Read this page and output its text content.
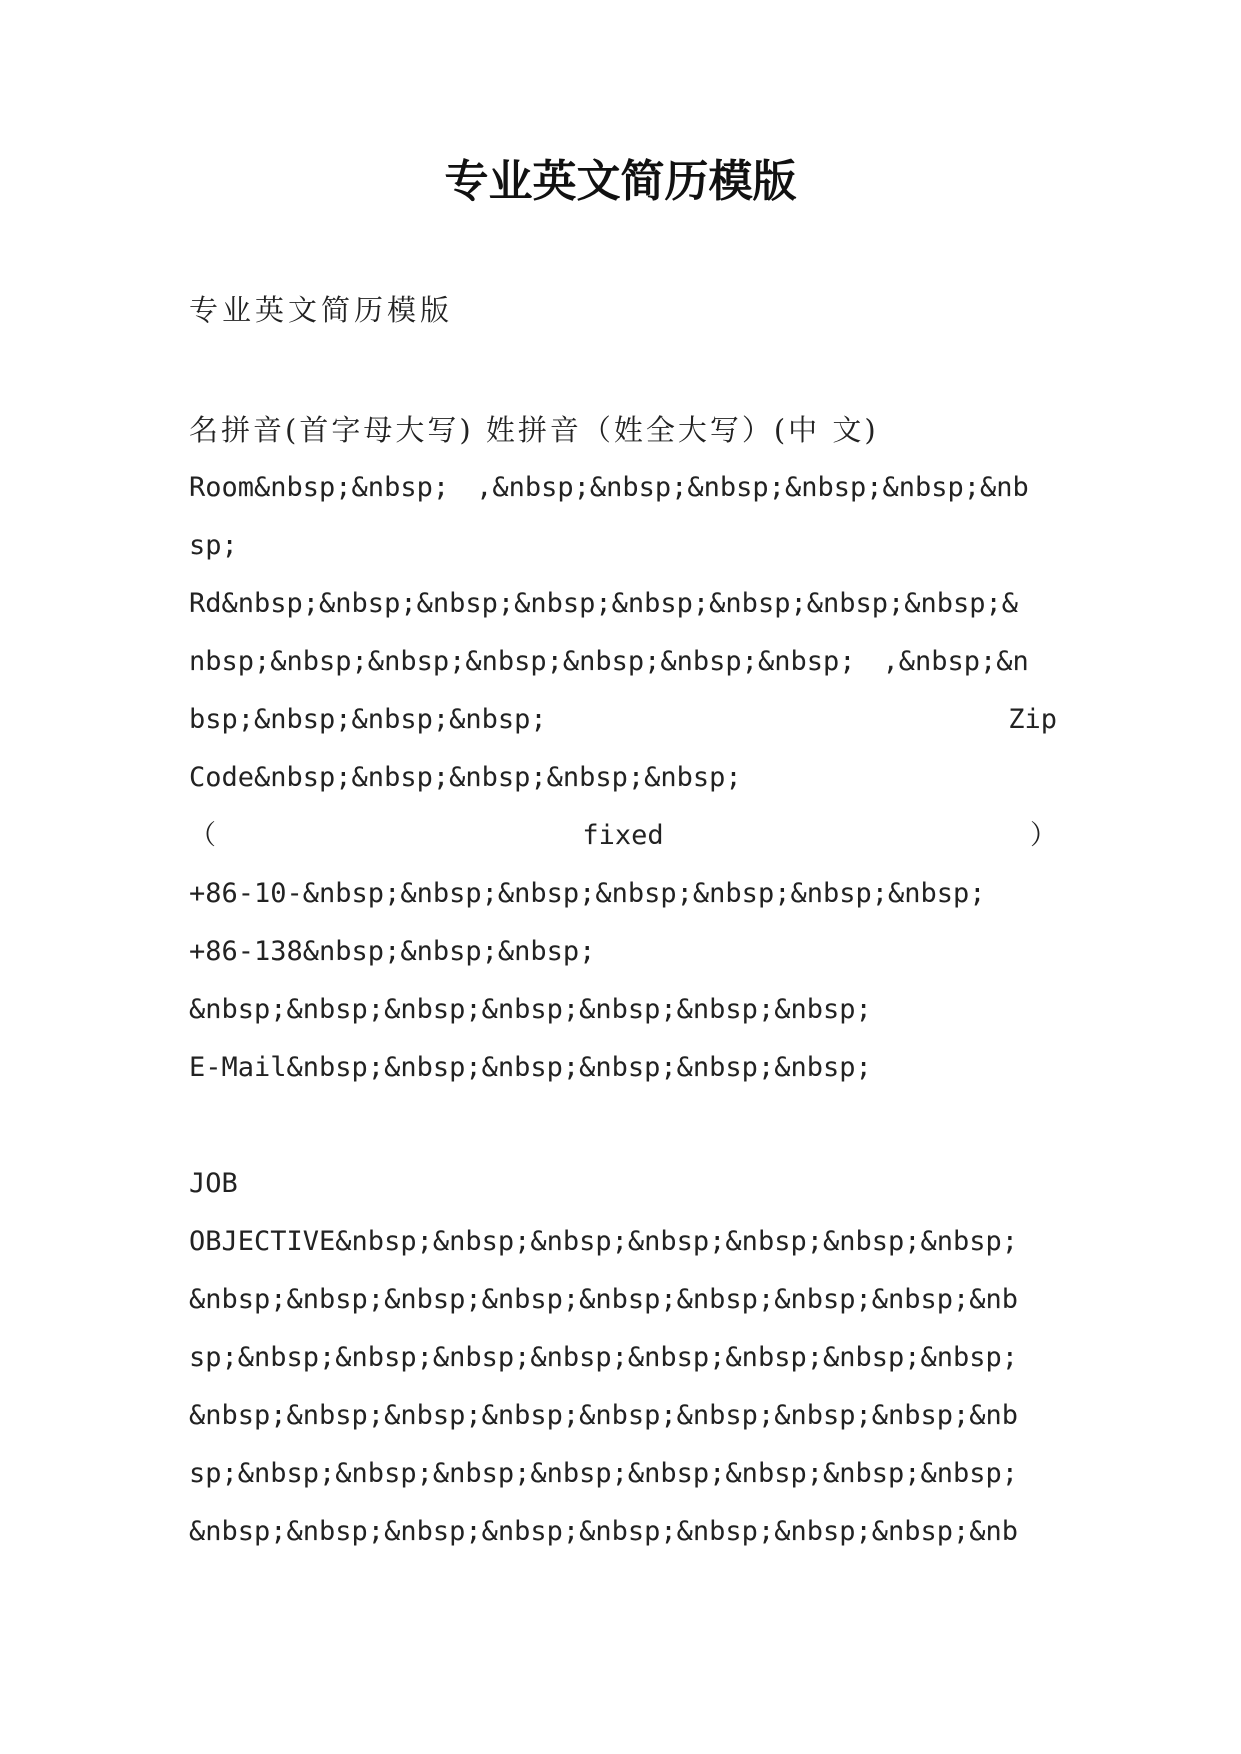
专业英文简历模版
专业英文简历模版
名拼音(首字母大写) 姓拼音（姓全大写）(中 文)
Room&nbsp;&nbsp;　,&nbsp;&nbsp;&nbsp;&nbsp;&nbsp;&nb
sp;
Rd&nbsp;&nbsp;&nbsp;&nbsp;&nbsp;&nbsp;&nbsp;&nbsp;&
nbsp;&nbsp;&nbsp;&nbsp;&nbsp;&nbsp;&nbsp;　,&nbsp;&n
bsp;&nbsp;&nbsp;&nbsp;	Zip
Code&nbsp;&nbsp;&nbsp;&nbsp;&nbsp;
（	fixed	）
+86-10-&nbsp;&nbsp;&nbsp;&nbsp;&nbsp;&nbsp;&nbsp;
+86-138&nbsp;&nbsp;&nbsp;
&nbsp;&nbsp;&nbsp;&nbsp;&nbsp;&nbsp;&nbsp;
E-Mail&nbsp;&nbsp;&nbsp;&nbsp;&nbsp;&nbsp;
JOB
OBJECTIVE&nbsp;&nbsp;&nbsp;&nbsp;&nbsp;&nbsp;&nbsp;
&nbsp;&nbsp;&nbsp;&nbsp;&nbsp;&nbsp;&nbsp;&nbsp;&nb
sp;&nbsp;&nbsp;&nbsp;&nbsp;&nbsp;&nbsp;&nbsp;&nbsp;
&nbsp;&nbsp;&nbsp;&nbsp;&nbsp;&nbsp;&nbsp;&nbsp;&nb
sp;&nbsp;&nbsp;&nbsp;&nbsp;&nbsp;&nbsp;&nbsp;&nbsp;
&nbsp;&nbsp;&nbsp;&nbsp;&nbsp;&nbsp;&nbsp;&nbsp;&nb
